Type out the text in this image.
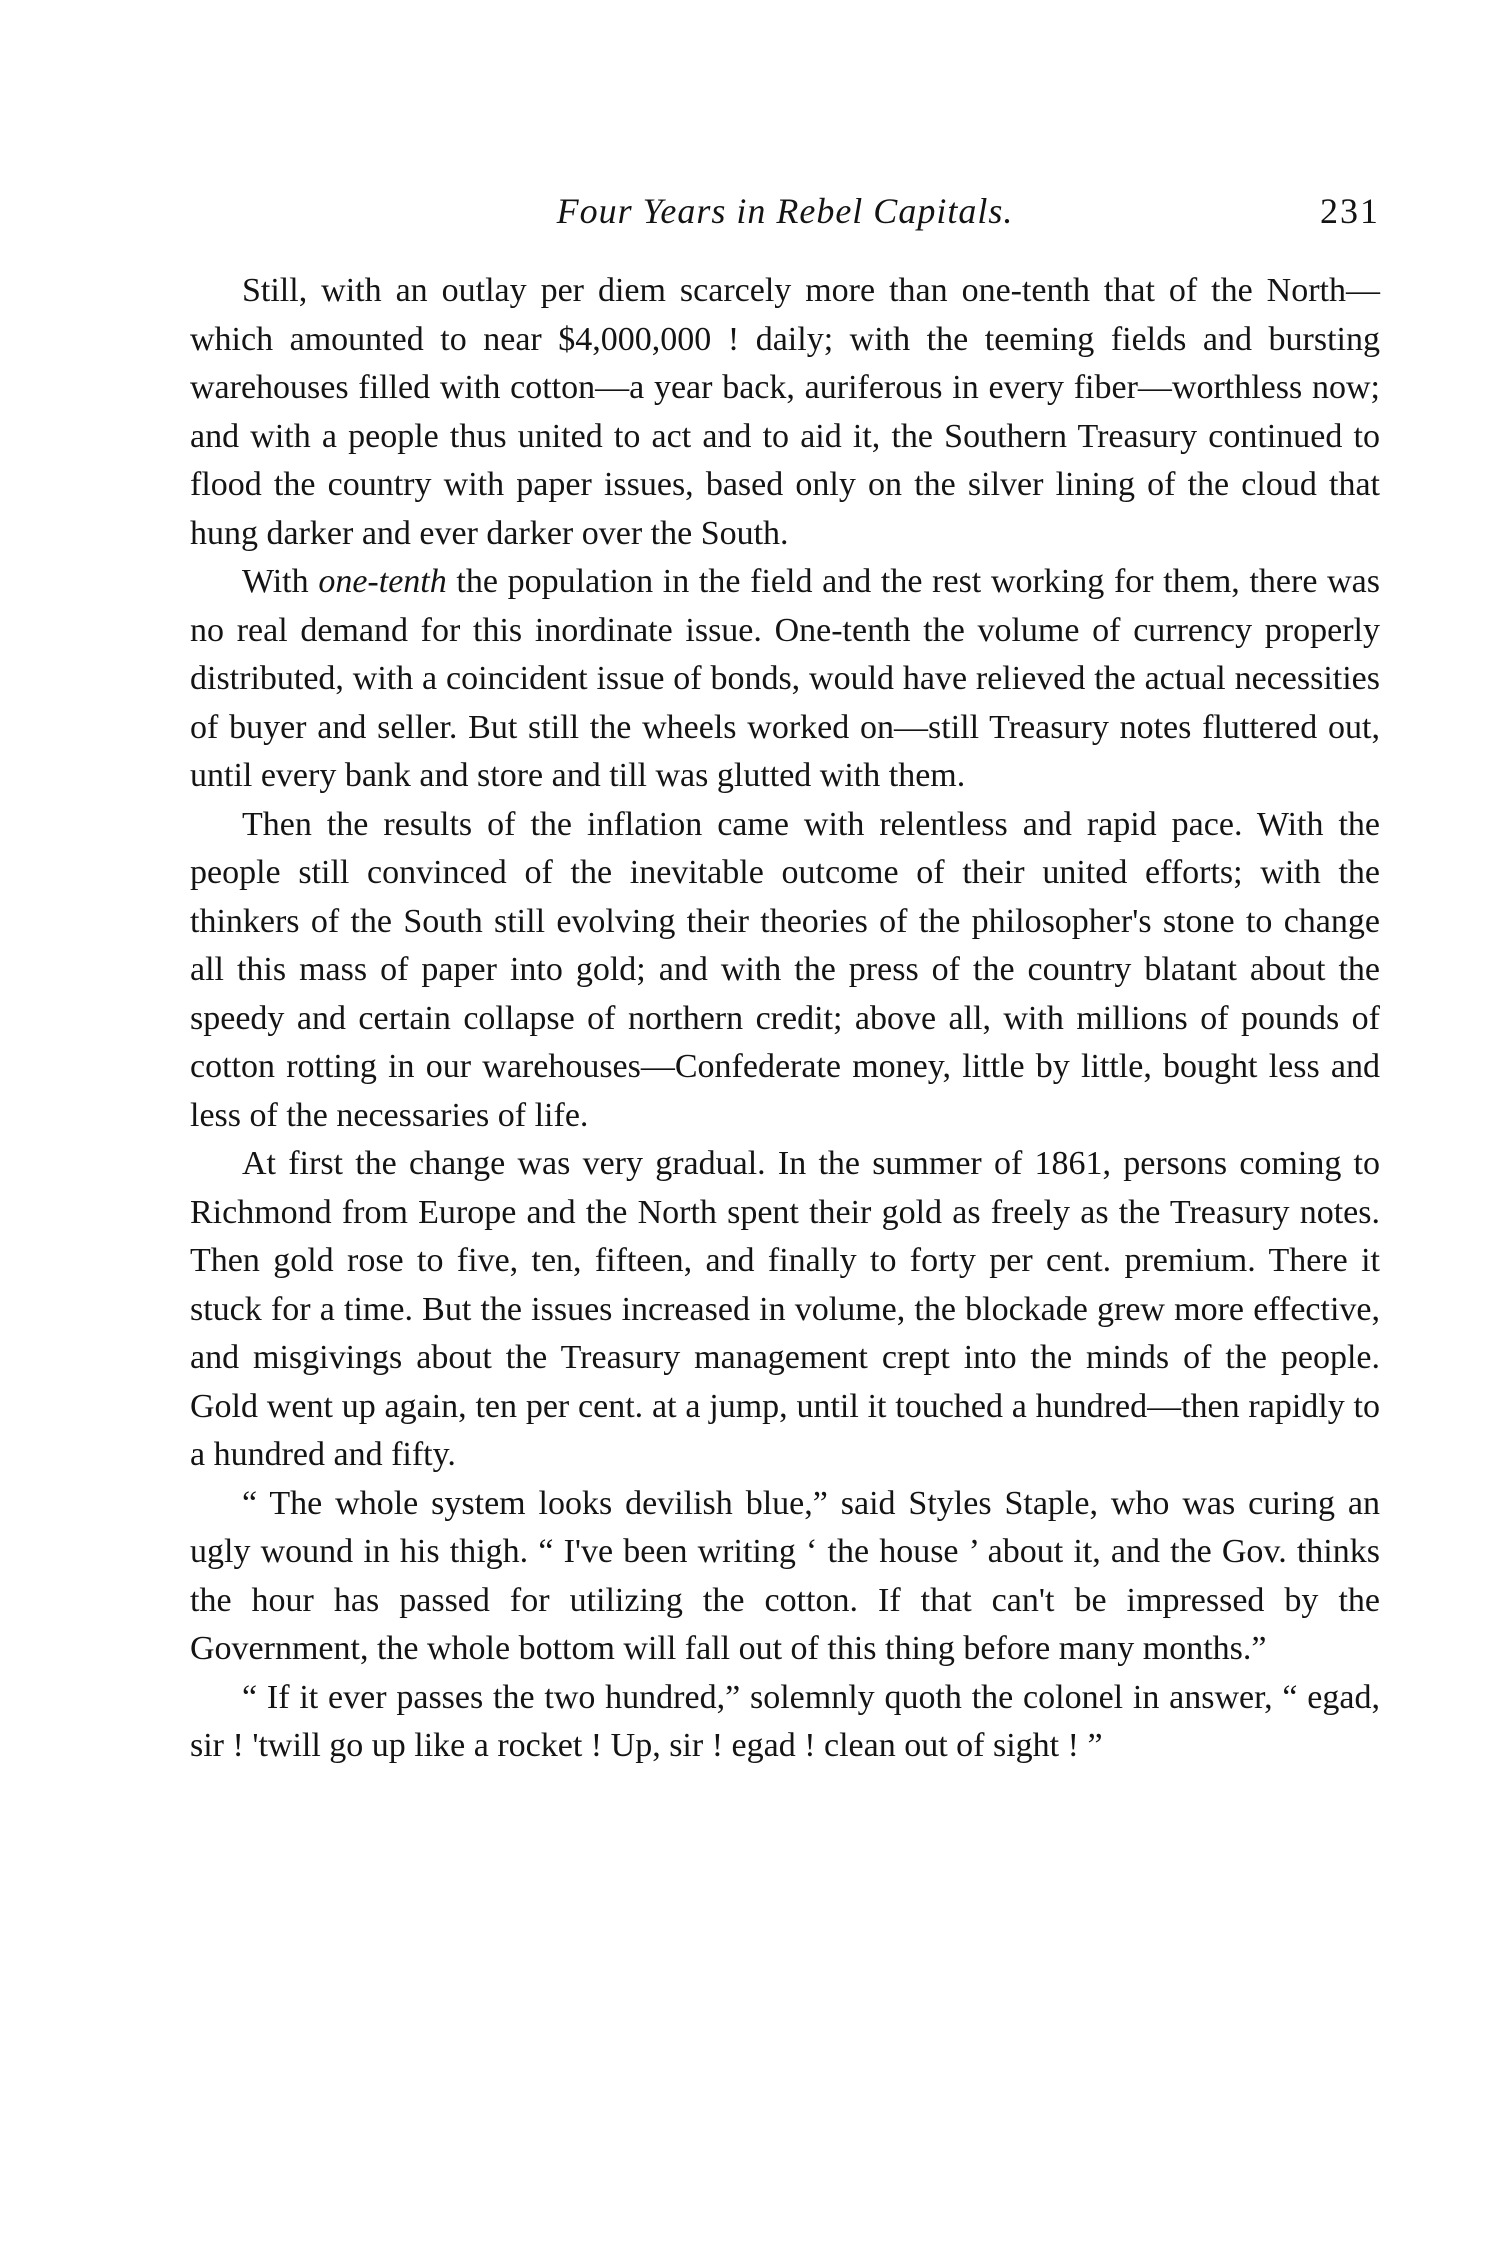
Four Years in Rebel Capitals.	231

Still, with an outlay per diem scarcely more than one-tenth that of the North—which amounted to near $4,000,000 ! daily; with the teeming fields and bursting warehouses filled with cotton—a year back, auriferous in every fiber—worthless now; and with a people thus united to act and to aid it, the Southern Treasury continued to flood the country with paper issues, based only on the silver lining of the cloud that hung darker and ever darker over the South.

With one-tenth the population in the field and the rest working for them, there was no real demand for this inordinate issue. One-tenth the volume of currency properly distributed, with a coincident issue of bonds, would have relieved the actual necessities of buyer and seller. But still the wheels worked on—still Treasury notes fluttered out, until every bank and store and till was glutted with them.

Then the results of the inflation came with relentless and rapid pace. With the people still convinced of the inevitable outcome of their united efforts; with the thinkers of the South still evolving their theories of the philosopher's stone to change all this mass of paper into gold; and with the press of the country blatant about the speedy and certain collapse of northern credit; above all, with millions of pounds of cotton rotting in our warehouses—Confederate money, little by little, bought less and less of the necessaries of life.

At first the change was very gradual. In the summer of 1861, persons coming to Richmond from Europe and the North spent their gold as freely as the Treasury notes. Then gold rose to five, ten, fifteen, and finally to forty per cent. premium. There it stuck for a time. But the issues increased in volume, the blockade grew more effective, and misgivings about the Treasury management crept into the minds of the people. Gold went up again, ten per cent. at a jump, until it touched a hundred—then rapidly to a hundred and fifty.

“ The whole system looks devilish blue,” said Styles Staple, who was curing an ugly wound in his thigh. “ I've been writing ‘ the house ’ about it, and the Gov. thinks the hour has passed for utilizing the cotton. If that can't be impressed by the Government, the whole bottom will fall out of this thing before many months.”

“ If it ever passes the two hundred,” solemnly quoth the colonel in answer, “ egad, sir ! 'twill go up like a rocket ! Up, sir ! egad ! clean out of sight ! ”
